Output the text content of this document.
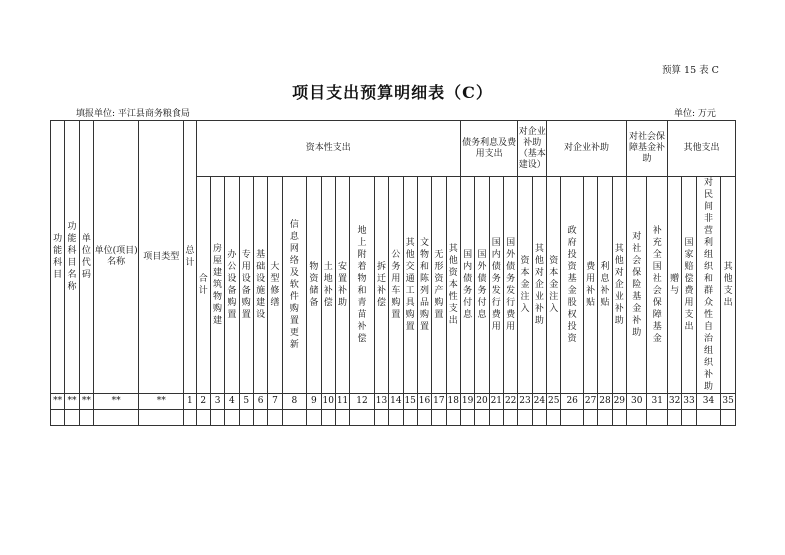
预算 15 表 C
项目支出预算明细表（C）
填报单位: 平江县商务粮食局	单位: 万元
功能科目	功能科目名称	单位代码	单位(项目)名称	项目类型	总计	资本性支出																	债务利息及费用支出				对企业补助（基本建设）		对企业补助					对社会保障基金补助		其他支出			
						合计	房屋建筑物购建	办公设备购置	专用设备购置	基础设施建设	大型修缮	信息网络及软件购置更新	物资储备	土地补偿	安置补助	地上附着物和青苗补偿	拆迁补偿	公务用车购置	其他交通工具购置	文物和陈列品购置	无形资产购置	其他资本性支出	国内债务付息	国外债务付息	国内债务发行费用	国外债务发行费用	资本金注入	其他对企业补助	资本金注入	政府投资基金股权投资	费用补贴	利息补贴	其他对企业补助	对社会保险基金补助	补充全国社会保障基金	赠与	国家赔偿费用支出	对民间非营利组织和群众性自治组织补助	其他支出
**	**	**	**	**	1	2	3	4	5	6	7	8	9	10	11	12	13	14	15	16	17	18	19	20	21	22	23	24	25	26	27	28	29	30	31	32	33	34	35
